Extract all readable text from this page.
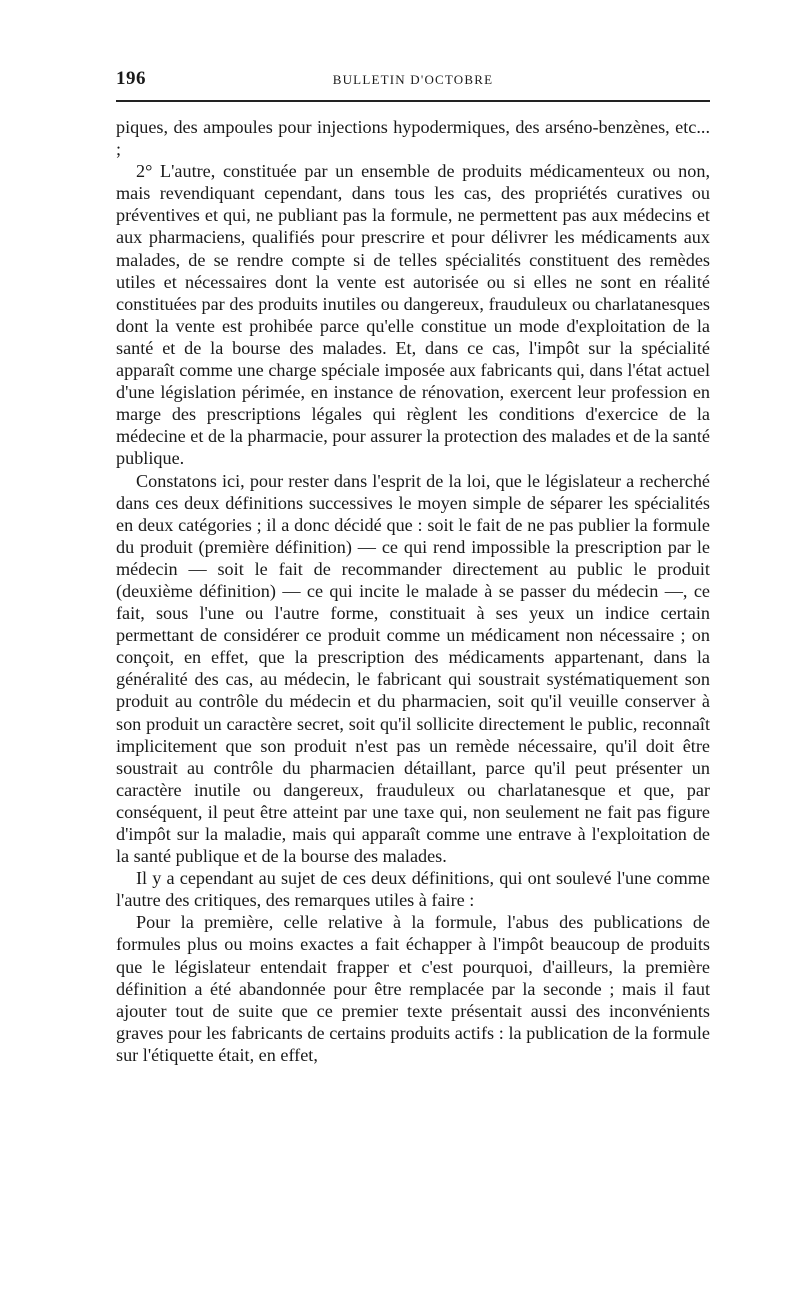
196	BULLETIN D'OCTOBRE

piques, des ampoules pour injections hypodermiques, des arséno-benzènes, etc... ;

2° L'autre, constituée par un ensemble de produits médicamenteux ou non, mais revendiquant cependant, dans tous les cas, des propriétés curatives ou préventives et qui, ne publiant pas la formule, ne permettent pas aux médecins et aux pharmaciens, qualifiés pour prescrire et pour délivrer les médicaments aux malades, de se rendre compte si de telles spécialités constituent des remèdes utiles et nécessaires dont la vente est autorisée ou si elles ne sont en réalité constituées par des produits inutiles ou dangereux, frauduleux ou charlatanesques dont la vente est prohibée parce qu'elle constitue un mode d'exploitation de la santé et de la bourse des malades. Et, dans ce cas, l'impôt sur la spécialité apparaît comme une charge spéciale imposée aux fabricants qui, dans l'état actuel d'une législation périmée, en instance de rénovation, exercent leur profession en marge des prescriptions légales qui règlent les conditions d'exercice de la médecine et de la pharmacie, pour assurer la protection des malades et de la santé publique.

Constatons ici, pour rester dans l'esprit de la loi, que le législateur a recherché dans ces deux définitions successives le moyen simple de séparer les spécialités en deux catégories ; il a donc décidé que : soit le fait de ne pas publier la formule du produit (première définition) — ce qui rend impossible la prescription par le médecin — soit le fait de recommander directement au public le produit (deuxième définition) — ce qui incite le malade à se passer du médecin —, ce fait, sous l'une ou l'autre forme, constituait à ses yeux un indice certain permettant de considérer ce produit comme un médicament non nécessaire ; on conçoit, en effet, que la prescription des médicaments appartenant, dans la généralité des cas, au médecin, le fabricant qui soustrait systématiquement son produit au contrôle du médecin et du pharmacien, soit qu'il veuille conserver à son produit un caractère secret, soit qu'il sollicite directement le public, reconnaît implicitement que son produit n'est pas un remède nécessaire, qu'il doit être soustrait au contrôle du pharmacien détaillant, parce qu'il peut présenter un caractère inutile ou dangereux, frauduleux ou charlatanesque et que, par conséquent, il peut être atteint par une taxe qui, non seulement ne fait pas figure d'impôt sur la maladie, mais qui apparaît comme une entrave à l'exploitation de la santé publique et de la bourse des malades.

Il y a cependant au sujet de ces deux définitions, qui ont soulevé l'une comme l'autre des critiques, des remarques utiles à faire :

Pour la première, celle relative à la formule, l'abus des publications de formules plus ou moins exactes a fait échapper à l'impôt beaucoup de produits que le législateur entendait frapper et c'est pourquoi, d'ailleurs, la première définition a été abandonnée pour être remplacée par la seconde ; mais il faut ajouter tout de suite que ce premier texte présentait aussi des inconvénients graves pour les fabricants de certains produits actifs : la publication de la formule sur l'étiquette était, en effet,
